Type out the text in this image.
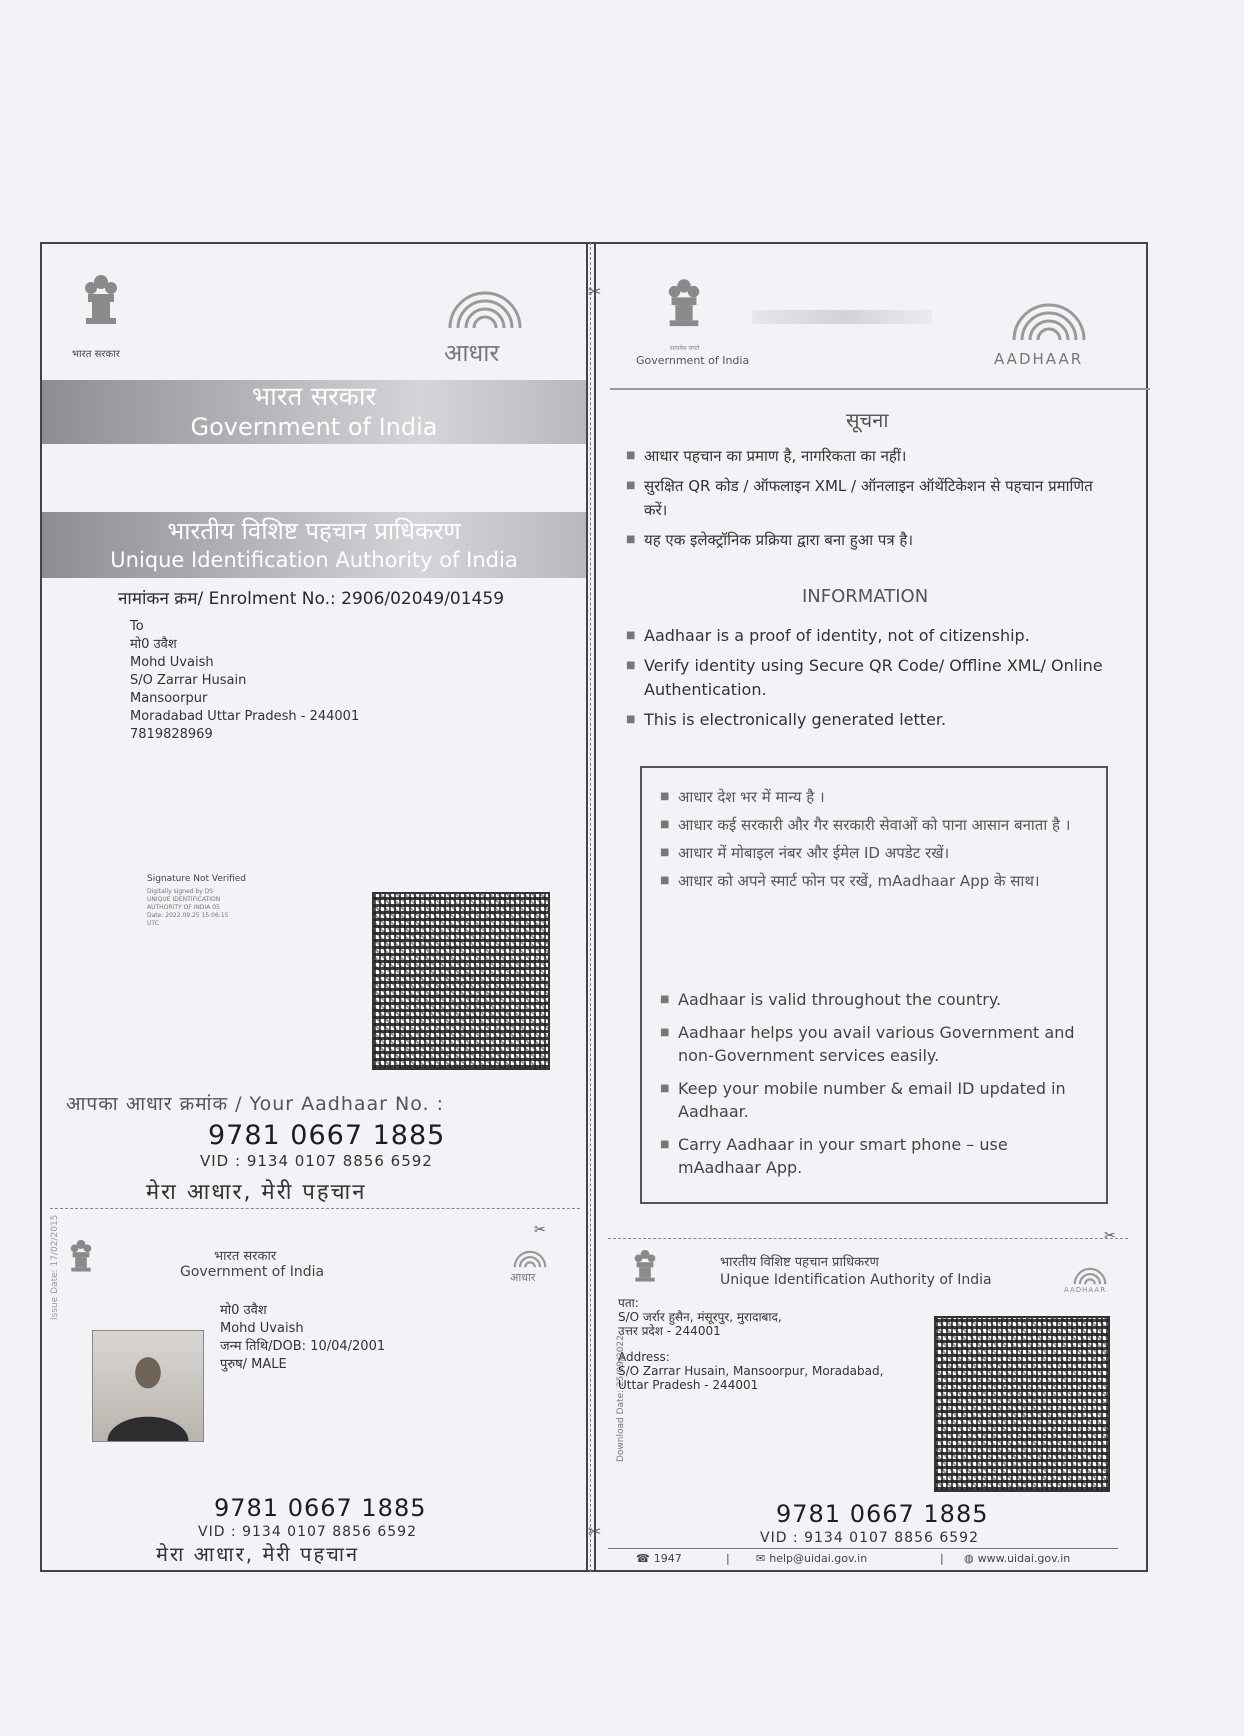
✂
✂
भारत सरकार	आधार
भारत सरकार
Government of India
भारतीय विशिष्ट पहचान प्राधिकरण
Unique Identification Authority of India
नामांकन क्रम/ Enrolment No.: 2906/02049/01459
To
मो0 उवैश
Mohd Uvaish
S/O Zarrar Husain
Mansoorpur
Moradabad Uttar Pradesh - 244001
7819828969
Signature Not Verified
Digitally signed by DS
UNIQUE IDENTIFICATION
AUTHORITY OF INDIA 05
Date: 2022.09.25 15:06:15
UTC
आपका आधार क्रमांक / Your Aadhaar No. :
9781 0667 1885
VID : 9134 0107 8856 6592
मेरा आधार, मेरी पहचान
✂
भारत सरकार
Government of India	आधार
Issue Date: 17/02/2015	मो0 उवैश
Mohd Uvaish
जन्म तिथि/DOB: 10/04/2001
पुरुष/ MALE
9781 0667 1885
VID : 9134 0107 8856 6592
मेरा आधार, मेरी पहचान
सत्यमेव जयते
Government of India	AADHAAR
सूचना
■ आधार पहचान का प्रमाण है, नागरिकता का नहीं।
■ सुरक्षित QR कोड / ऑफलाइन XML / ऑनलाइन ऑथेंटिकेशन से पहचान प्रमाणित करें।
■ यह एक इलेक्ट्रॉनिक प्रक्रिया द्वारा बना हुआ पत्र है।
INFORMATION
■ Aadhaar is a proof of identity, not of citizenship.
■ Verify identity using Secure QR Code/ Offline XML/ Online Authentication.
■ This is electronically generated letter.
■ आधार देश भर में मान्य है ।
■ आधार कई सरकारी और गैर सरकारी सेवाओं को पाना आसान बनाता है ।
■ आधार में मोबाइल नंबर और ईमेल ID अपडेट रखें।
■ आधार को अपने स्मार्ट फोन पर रखें, mAadhaar App के साथ।
■ Aadhaar is valid throughout the country.
■ Aadhaar helps you avail various Government and non-Government services easily.
■ Keep your mobile number & email ID updated in Aadhaar.
■ Carry Aadhaar in your smart phone – use mAadhaar App.
✂
भारतीय विशिष्ट पहचान प्राधिकरण
Unique Identification Authority of India
AADHAAR
Download Date: 25/09/2022
पता:
S/O जर्रार हुसैन, मंसूरपुर, मुरादाबाद,
उत्तर प्रदेश - 244001
Address:
S/O Zarrar Husain, Mansoorpur, Moradabad,
Uttar Pradesh - 244001
9781 0667 1885
VID : 9134 0107 8856 6592
☎ 1947	| ✉ help@uidai.gov.in	| ◍ www.uidai.gov.in
